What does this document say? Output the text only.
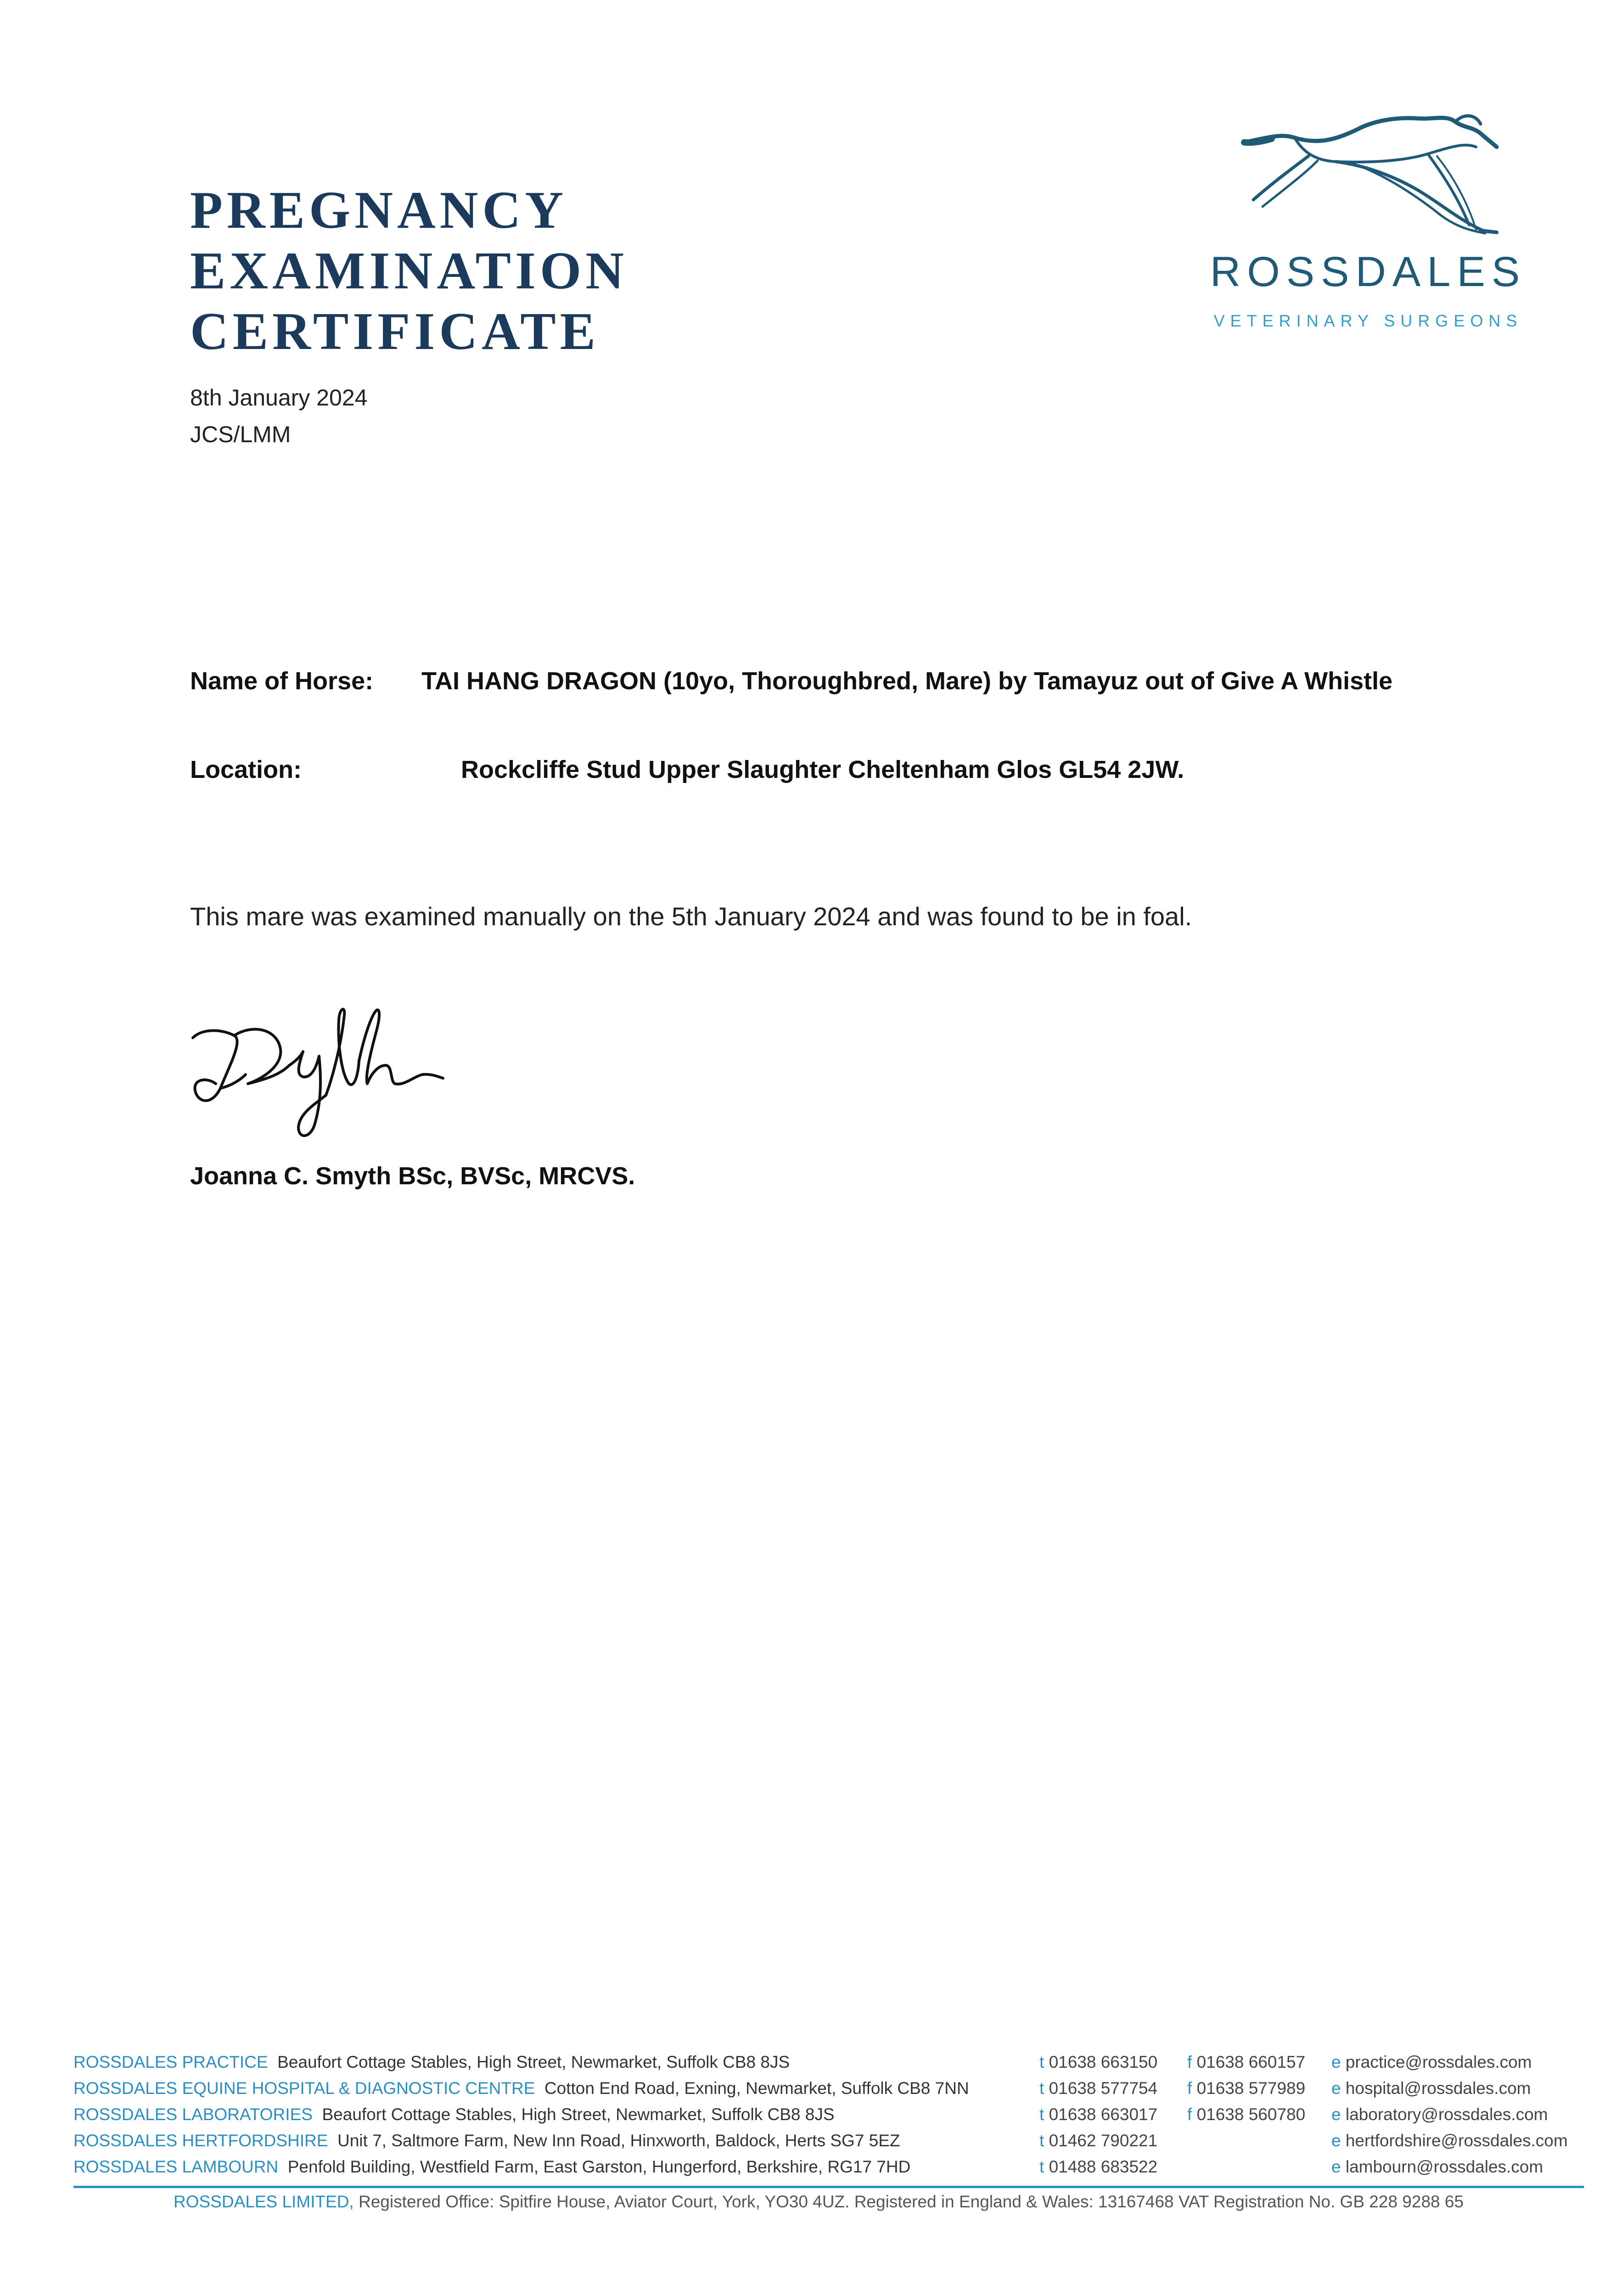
PREGNANCY EXAMINATION
CERTIFICATE
ROSSDALES
VETERINARY SURGEONS
8th January 2024
JCS/LMM
Name of Horse:	TAI HANG DRAGON (10yo, Thoroughbred, Mare) by Tamayuz out of Give A Whistle
Location:	Rockcliffe Stud Upper Slaughter Cheltenham Glos GL54 2JW.
This mare was examined manually on the 5th January 2024 and was found to be in foal.
Joanna C. Smyth BSc, BVSc, MRCVS.
ROSSDALES PRACTICE Beaufort Cottage Stables, High Street, Newmarket, Suffolk CB8 8JS	t 01638 663150 f 01638 660157 e practice@rossdales.com
ROSSDALES EQUINE HOSPITAL & DIAGNOSTIC CENTRE Cotton End Road, Exning, Newmarket, Suffolk CB8 7NN	t 01638 577754 f 01638 577989 e hospital@rossdales.com
ROSSDALES LABORATORIES Beaufort Cottage Stables, High Street, Newmarket, Suffolk CB8 8JS	t 01638 663017 f 01638 560780 e laboratory@rossdales.com
ROSSDALES HERTFORDSHIRE Unit 7, Saltmore Farm, New Inn Road, Hinxworth, Baldock, Herts SG7 5EZ	t 01462 790221	e hertfordshire@rossdales.com
ROSSDALES LAMBOURN Penfold Building, Westfield Farm, East Garston, Hungerford, Berkshire, RG17 7HD	t 01488 683522	e lambourn@rossdales.com
ROSSDALES LIMITED, Registered Office: Spitfire House, Aviator Court, York, YO30 4UZ. Registered in England & Wales: 13167468 VAT Registration No. GB 228 9288 65
